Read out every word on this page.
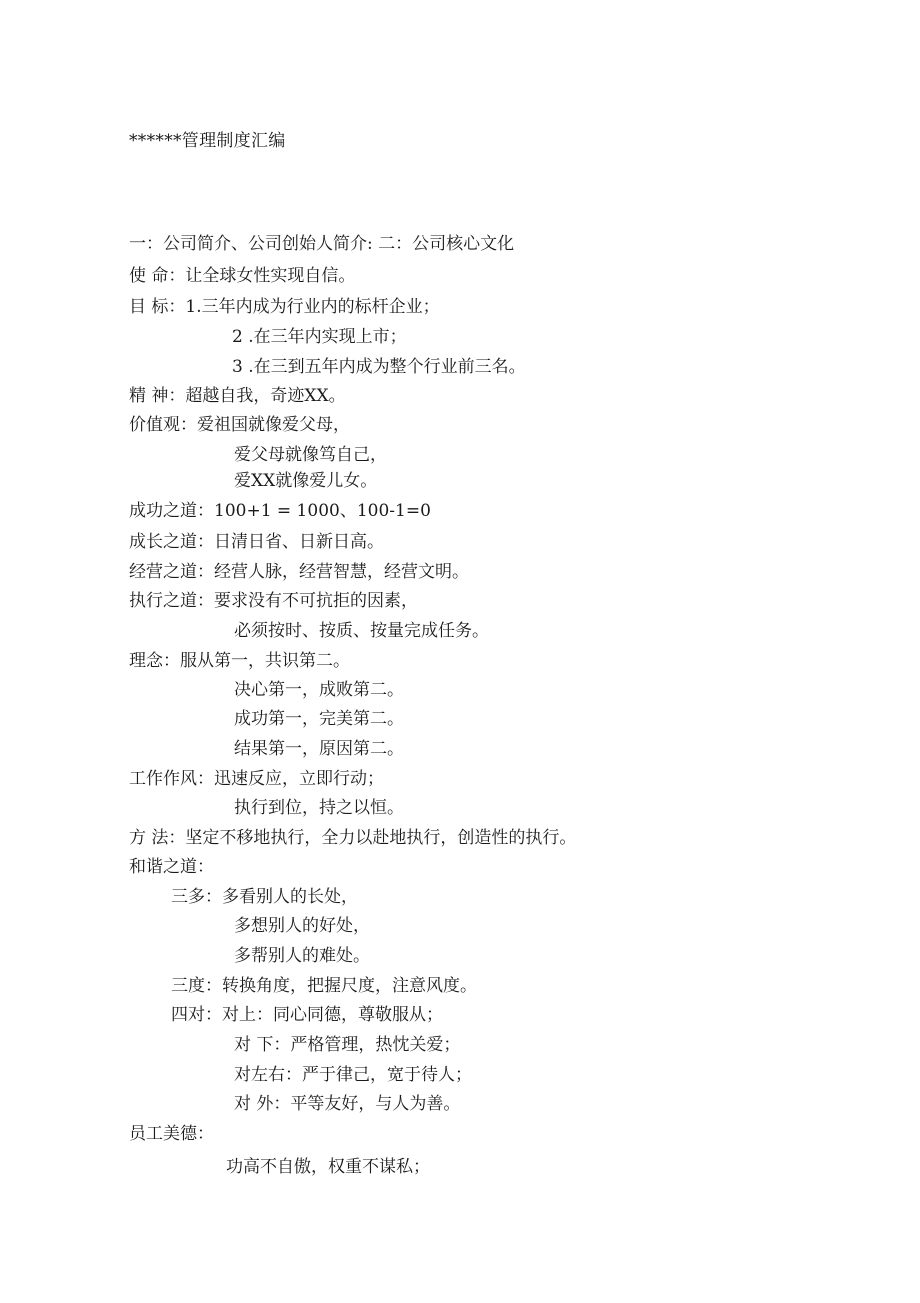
******管理制度汇编
一：公司简介、公司创始人简介: 二：公司核心文化
使 命：让全球女性实现自信。
目 标：1.三年内成为行业内的标杆企业；
2 .在三年内实现上市；
3 .在三到五年内成为整个行业前三名。
精 神：超越自我，奇迹XX。
价值观：爱祖国就像爱父母，
爱父母就像笃自己，
爱XX就像爱儿女。
成功之道：100+1 = 1000、100-1=0
成长之道：日清日省、日新日高。
经营之道：经营人脉，经营智慧，经营文明。
执行之道：要求没有不可抗拒的因素，
必须按时、按质、按量完成任务。
理念：服从第一，共识第二。
决心第一，成败第二。
成功第一，完美第二。
结果第一，原因第二。
工作作风：迅速反应，立即行动；
执行到位，持之以恒。
方 法：坚定不移地执行，全力以赴地执行，创造性的执行。
和谐之道：
三多：多看别人的长处，
多想别人的好处，
多帮别人的难处。
三度：转换角度，把握尺度，注意风度。
四对：对上：同心同德，尊敬服从；
对 下：严格管理，热忱关爱；
对左右：严于律己，宽于待人；
对 外：平等友好，与人为善。
员工美德：
功高不自傲，权重不谋私；
